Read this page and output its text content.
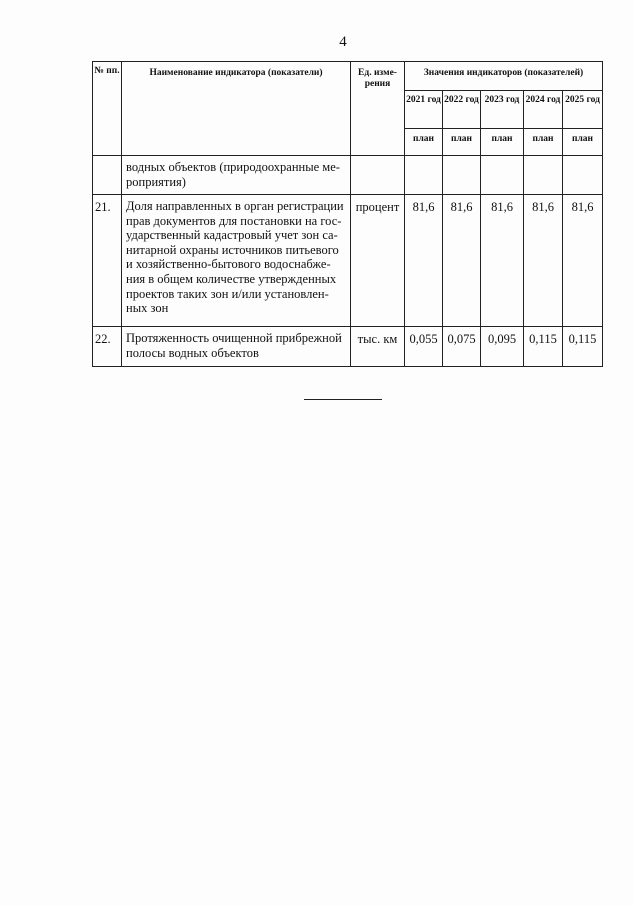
4
№ пп.	Наименование индикатора (показатели)	Ед. изме-рения	Значения индикаторов (показателей)				
			2021 год	2022 год	2023 год	2024 год	2025 год
			план	план	план	план	план
	водных объектов (природоохранные ме-роприятия)						
21.	Доля направленных в орган регистрации прав документов для постановки на гос-ударственный кадастровый учет зон са-нитарной охраны источников питьевого и хозяйственно-бытового водоснабже-ния в общем количестве утвержденных проектов таких зон и/или установлен-ных зон	процент	81,6	81,6	81,6	81,6	81,6
22.	Протяженность очищенной прибрежной полосы водных объектов	тыс. км	0,055	0,075	0,095	0,115	0,115
